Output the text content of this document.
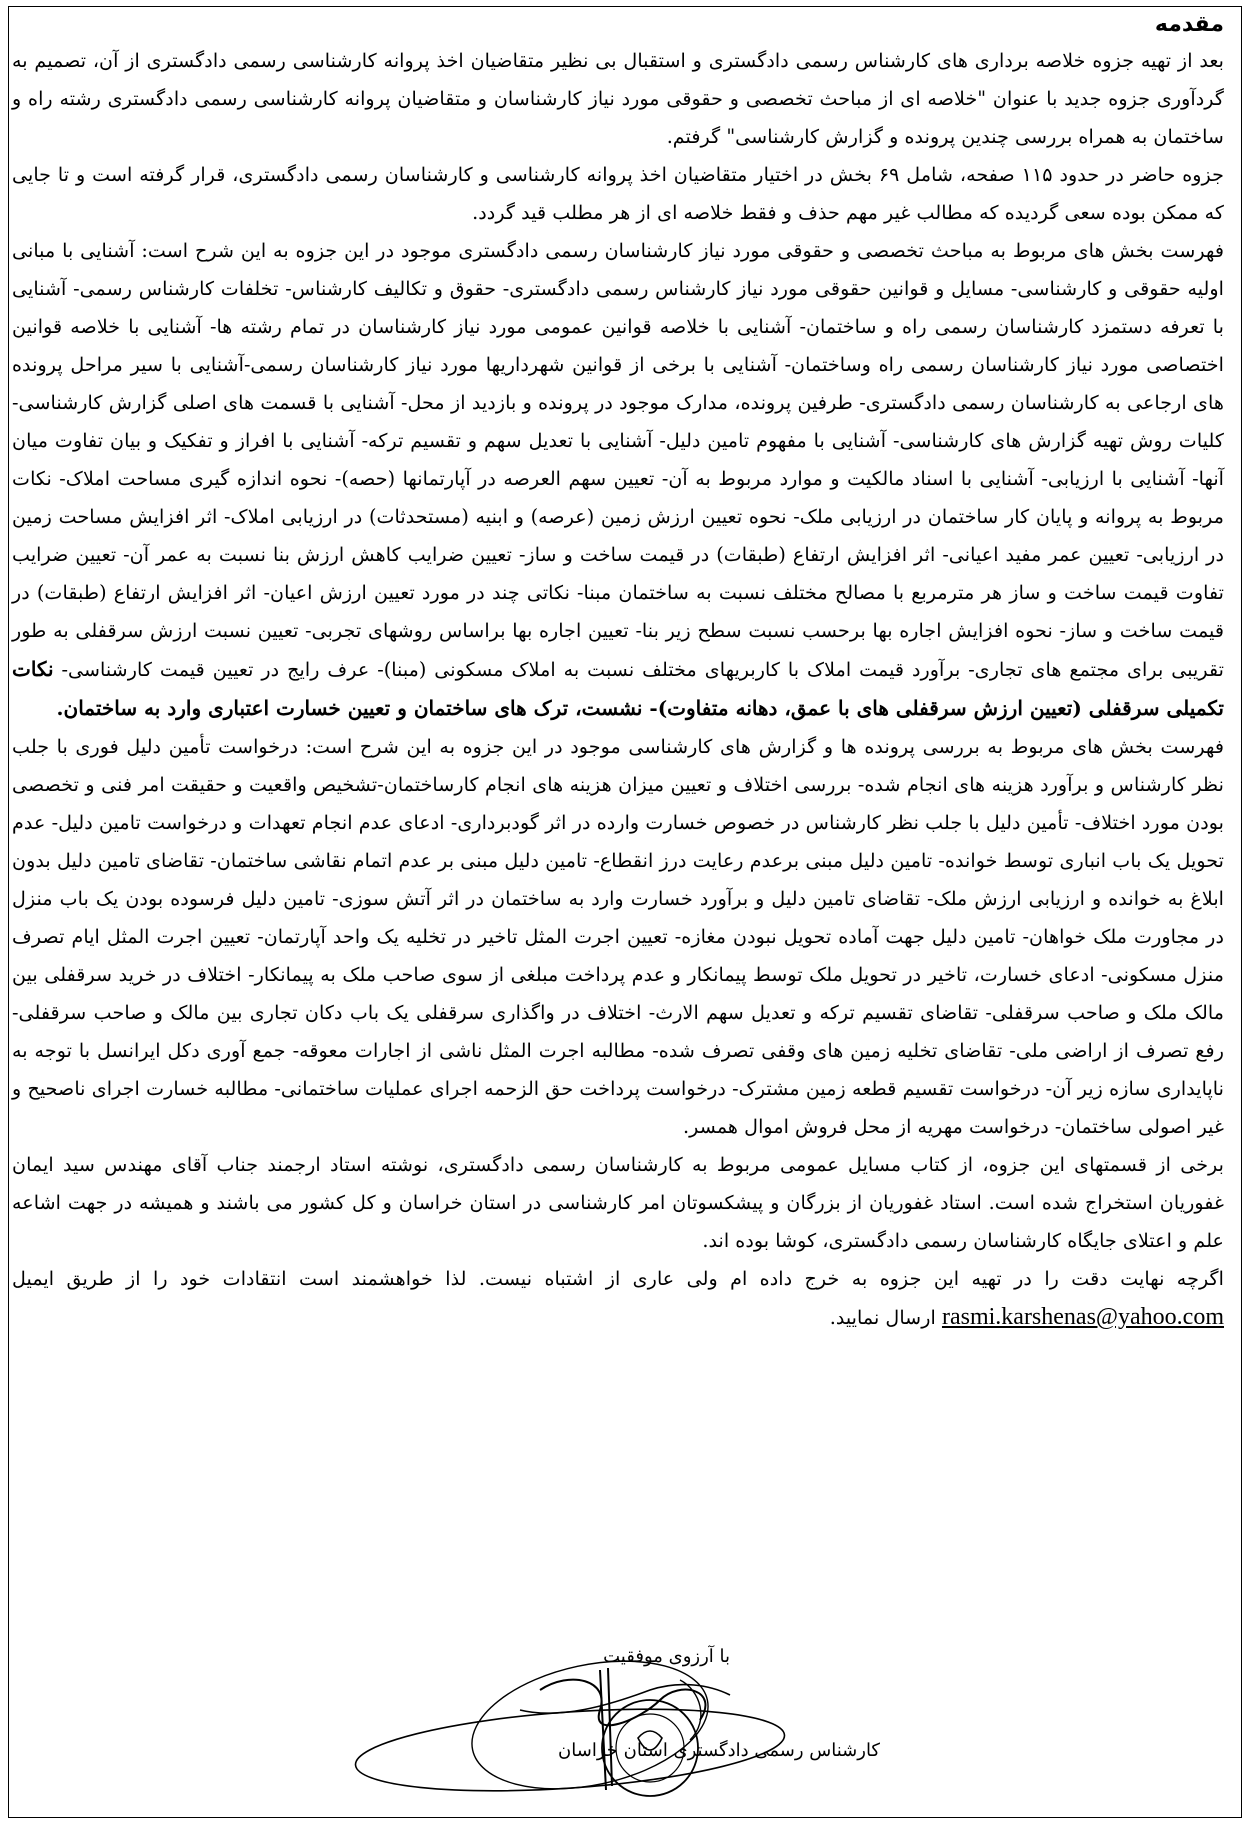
مقدمه

بعد از تهیه جزوه خلاصه برداری های کارشناس رسمی دادگستری و استقبال بی نظیر متقاضیان اخذ پروانه کارشناسی رسمی دادگستری از آن، تصمیم به گردآوری جزوه جدید با عنوان "خلاصه ای از مباحث تخصصی و حقوقی مورد نیاز کارشناسان و متقاضیان پروانه کارشناسی رسمی دادگستری رشته راه و ساختمان به همراه بررسی چندین پرونده و گزارش کارشناسی" گرفتم.

جزوه حاضر در حدود ۱۱۵ صفحه، شامل ۶۹ بخش در اختیار متقاضیان اخذ پروانه کارشناسی و کارشناسان رسمی دادگستری، قرار گرفته است و تا جایی که ممکن بوده سعی گردیده که مطالب غیر مهم حذف و فقط خلاصه ای از هر مطلب قید گردد.

فهرست بخش های مربوط به مباحث تخصصی و حقوقی مورد نیاز کارشناسان رسمی دادگستری موجود در این جزوه به این شرح است: آشنایی با مبانی اولیه حقوقی و کارشناسی- مسایل و قوانین حقوقی مورد نیاز کارشناس رسمی دادگستری- حقوق و تکالیف کارشناس- تخلفات کارشناس رسمی- آشنایی با تعرفه دستمزد کارشناسان رسمی راه و ساختمان- آشنایی با خلاصه قوانین عمومی مورد نیاز کارشناسان در تمام رشته ها- آشنایی با خلاصه قوانین اختصاصی مورد نیاز کارشناسان رسمی راه وساختمان- آشنایی با برخی از قوانین شهرداریها مورد نیاز کارشناسان رسمی-آشنایی با سیر مراحل پرونده های ارجاعی به کارشناسان رسمی دادگستری- طرفین پرونده، مدارک موجود در پرونده و بازدید از محل- آشنایی با قسمت های اصلی گزارش کارشناسی- کلیات روش تهیه گزارش های کارشناسی- آشنایی با مفهوم تامین دلیل- آشنایی با تعدیل سهم و تقسیم ترکه- آشنایی با افراز و تفکیک و بیان تفاوت میان آنها- آشنایی با ارزیابی- آشنایی با اسناد مالکیت و موارد مربوط به آن- تعیین سهم العرصه در آپارتمانها (حصه)- نحوه اندازه گیری مساحت املاک- نکات مربوط به پروانه و پایان کار ساختمان در ارزیابی ملک- نحوه تعیین ارزش زمین (عرصه) و ابنیه (مستحدثات) در ارزیابی املاک- اثر افزایش مساحت زمین در ارزیابی- تعیین عمر مفید اعیانی- اثر افزایش ارتفاع (طبقات) در قیمت ساخت و ساز- تعیین ضرایب کاهش ارزش بنا نسبت به عمر آن- تعیین ضرایب تفاوت قیمت ساخت و ساز هر مترمربع با مصالح مختلف نسبت به ساختمان مبنا- نکاتی چند در مورد تعیین ارزش اعیان- اثر افزایش ارتفاع (طبقات) در قیمت ساخت و ساز- نحوه افزایش اجاره بها برحسب نسبت سطح زیر بنا- تعیین اجاره بها براساس روشهای تجربی- تعیین نسبت ارزش سرقفلی به طور تقریبی برای مجتمع های تجاری- برآورد قیمت املاک با کاربریهای مختلف نسبت به املاک مسکونی (مبنا)- عرف رایج در تعیین قیمت کارشناسی- نکات تکمیلی سرقفلی (تعیین ارزش سرقفلی های با عمق، دهانه متفاوت)- نشست، ترک های ساختمان و تعیین خسارت اعتباری وارد به ساختمان.

فهرست بخش های مربوط به بررسی پرونده ها و گزارش های کارشناسی موجود در این جزوه به این شرح است: درخواست تأمین دلیل فوری با جلب نظر کارشناس و برآورد هزینه های انجام شده- بررسی اختلاف و تعیین میزان هزینه های انجام کارساختمان-تشخیص واقعیت و حقیقت امر فنی و تخصصی بودن مورد اختلاف- تأمین دلیل با جلب نظر کارشناس در خصوص خسارت وارده در اثر گودبرداری- ادعای عدم انجام تعهدات و درخواست تامین دلیل- عدم تحویل یک باب انباری توسط خوانده- تامین دلیل مبنی برعدم رعایت درز انقطاع- تامین دلیل مبنی بر عدم اتمام نقاشی ساختمان- تقاضای تامین دلیل بدون ابلاغ به خوانده و ارزیابی ارزش ملک- تقاضای تامین دلیل و برآورد خسارت وارد به ساختمان در اثر آتش سوزی- تامین دلیل فرسوده بودن یک باب منزل در مجاورت ملک خواهان- تامین دلیل جهت آماده تحویل نبودن مغازه- تعیین اجرت المثل تاخیر در تخلیه یک واحد آپارتمان- تعیین اجرت المثل ایام تصرف منزل مسکونی- ادعای خسارت، تاخیر در تحویل ملک توسط پیمانکار و عدم پرداخت مبلغی از سوی صاحب ملک به پیمانکار- اختلاف در خرید سرقفلی بین مالک ملک و صاحب سرقفلی- تقاضای تقسیم ترکه و تعدیل سهم الارث- اختلاف در واگذاری سرقفلی یک باب دکان تجاری بین مالک و صاحب سرقفلی- رفع تصرف از اراضی ملی- تقاضای تخلیه زمین های وقفی تصرف شده- مطالبه اجرت المثل ناشی از اجارات معوقه- جمع آوری دکل ایرانسل با توجه به ناپایداری سازه زیر آن- درخواست تقسیم قطعه زمین مشترک- درخواست پرداخت حق الزحمه اجرای عملیات ساختمانی- مطالبه خسارت اجرای ناصحیح و غیر اصولی ساختمان- درخواست مهریه از محل فروش اموال همسر.

برخی از قسمتهای این جزوه، از کتاب مسایل عمومی مربوط به کارشناسان رسمی دادگستری، نوشته استاد ارجمند جناب آقای مهندس سید ایمان غفوریان استخراج شده است. استاد غفوریان از بزرگان و پیشکسوتان امر کارشناسی در استان خراسان و کل کشور می باشند و همیشه در جهت اشاعه علم و اعتلای جایگاه کارشناسان رسمی دادگستری، کوشا بوده اند.

اگرچه نهایت دقت را در تهیه این جزوه به خرج داده ام ولی عاری از اشتباه نیست. لذا خواهشمند است انتقادات خود را از طریق ایمیل rasmi.karshenas@yahoo.com ارسال نمایید.

با آرزوی موفقیت
کارشناس رسمی دادگستری استان خراسان
